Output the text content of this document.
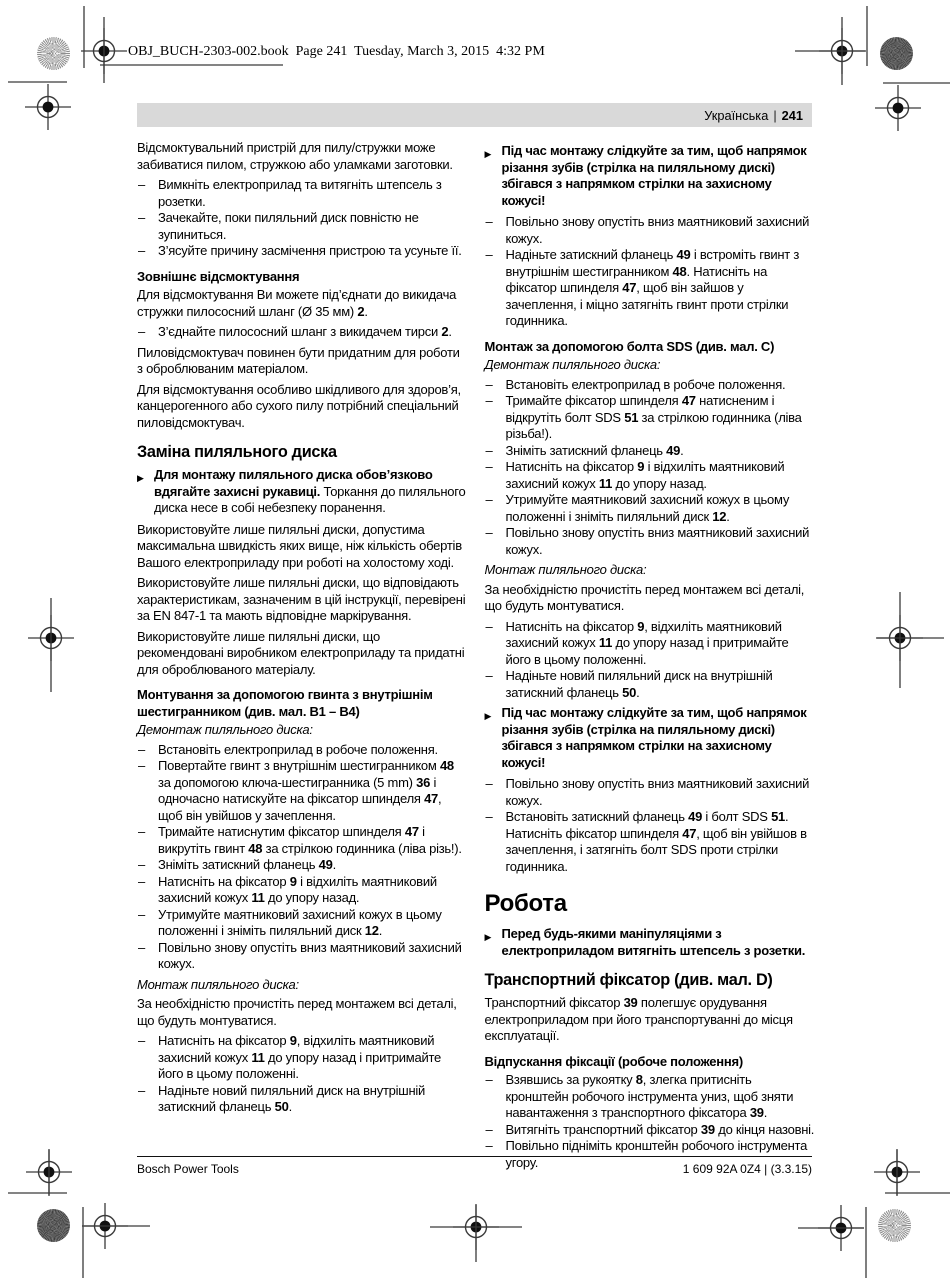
OBJ_BUCH-2303-002.book  Page 241  Tuesday, March 3, 2015  4:32 PM
Українська | 241

Відсмоктувальний пристрій для пилу/стружки може забиватися пилом, стружкою або уламками заготовки.

– Вимкніть електроприлад та витягніть штепсель з розетки.
– Зачекайте, поки пиляльний диск повністю не зупиниться.
– З’ясуйте причину засмічення пристрою та усуньте її.
Зовнішнє відсмоктування

Для відсмоктування Ви можете під’єднати до викидача стружки пилососний шланг (Ø 35 мм) 2.

– З’єднайте пилососний шланг з викидачем тирси 2.

Пиловідсмоктувач повинен бути придатним для роботи з оброблюваним матеріалом.

Для відсмоктування особливо шкідливого для здоров’я, канцерогенного або сухого пилу потрібний спеціальний пиловідсмоктувач.

Заміна пиляльного диска
▶ Для монтажу пиляльного диска обов’язково вдягайте захисні рукавиці. Торкання до пиляльного диска несе в собі небезпеку поранення.

Використовуйте лише пиляльні диски, допустима максимальна швидкість яких вище, ніж кількість обертів Вашого електроприладу при роботі на холостому ході.

Використовуйте лише пиляльні диски, що відповідають характеристикам, зазначеним в цій інструкції, перевірені за EN 847-1 та мають відповідне маркірування.

Використовуйте лише пиляльні диски, що рекомендовані виробником електроприладу та придатні для оброблюваного матеріалу.

Монтування за допомогою гвинта з внутрішнім шестигранником (див. мал. B1 – B4)

Демонтаж пиляльного диска:

– Встановіть електроприлад в робоче положення.
– Повертайте гвинт з внутрішнім шестигранником 48 за допомогою ключа-шестигранника (5 mm) 36 і одночасно натискуйте на фіксатор шпинделя 47, щоб він увійшов у зачеплення.
– Тримайте натиснутим фіксатор шпинделя 47 і викрутіть гвинт 48 за стрілкою годинника (ліва різь!).
– Зніміть затискний фланець 49.
– Натисніть на фіксатор 9 і відхиліть маятниковий захисний кожух 11 до упору назад.
– Утримуйте маятниковий захисний кожух в цьому положенні і зніміть пиляльний диск 12.
– Повільно знову опустіть вниз маятниковий захисний кожух.

Монтаж пиляльного диска:

За необхідністю прочистіть перед монтажем всі деталі, що будуть монтуватися.

– Натисніть на фіксатор 9, відхиліть маятниковий захисний кожух 11 до упору назад і притримайте його в цьому положенні.
– Надіньте новий пиляльний диск на внутрішній затискний фланець 50.
▶ Під час монтажу слідкуйте за тим, щоб напрямок різання зубів (стрілка на пиляльному дискі) збігався з напрямком стрілки на захисному кожусі!
– Повільно знову опустіть вниз маятниковий захисний кожух.
– Надіньте затискний фланець 49 і встроміть гвинт з внутрішнім шестигранником 48. Натисніть на фіксатор шпинделя 47, щоб він зайшов у зачеплення, і міцно затягніть гвинт проти стрілки годинника.
Монтаж за допомогою болта SDS (див. мал. C)

Демонтаж пиляльного диска:

– Встановіть електроприлад в робоче положення.
– Тримайте фіксатор шпинделя 47 натисненим і відкрутіть болт SDS 51 за стрілкою годинника (ліва різьба!).
– Зніміть затискний фланець 49.
– Натисніть на фіксатор 9 і відхиліть маятниковий захисний кожух 11 до упору назад.
– Утримуйте маятниковий захисний кожух в цьому положенні і зніміть пиляльний диск 12.
– Повільно знову опустіть вниз маятниковий захисний кожух.

Монтаж пиляльного диска:

За необхідністю прочистіть перед монтажем всі деталі, що будуть монтуватися.

– Натисніть на фіксатор 9, відхиліть маятниковий захисний кожух 11 до упору назад і притримайте його в цьому положенні.
– Надіньте новий пиляльний диск на внутрішній затискний фланець 50.
▶ Під час монтажу слідкуйте за тим, щоб напрямок різання зубів (стрілка на пиляльному дискі) збігався з напрямком стрілки на захисному кожусі!
– Повільно знову опустіть вниз маятниковий захисний кожух.
– Встановіть затискний фланець 49 і болт SDS 51. Натисніть фіксатор шпинделя 47, щоб він увійшов в зачеплення, і затягніть болт SDS проти стрілки годинника.
Робота
▶ Перед будь-якими маніпуляціями з електроприладом витягніть штепсель з розетки.
Транспортний фіксатор (див. мал. D)

Транспортний фіксатор 39 полегшує орудування електроприладом при його транспортуванні до місця експлуатації.

Відпускання фіксації (робоче положення)
– Взявшись за рукоятку 8, злегка притисніть кронштейн робочого інструмента униз, щоб зняти навантаження з транспортного фіксатора 39.
– Витягніть транспортний фіксатор 39 до кінця назовні.
– Повільно підніміть кронштейн робочого інструмента угору.
Bosch Power Tools	1 609 92A 0Z4 | (3.3.15)
